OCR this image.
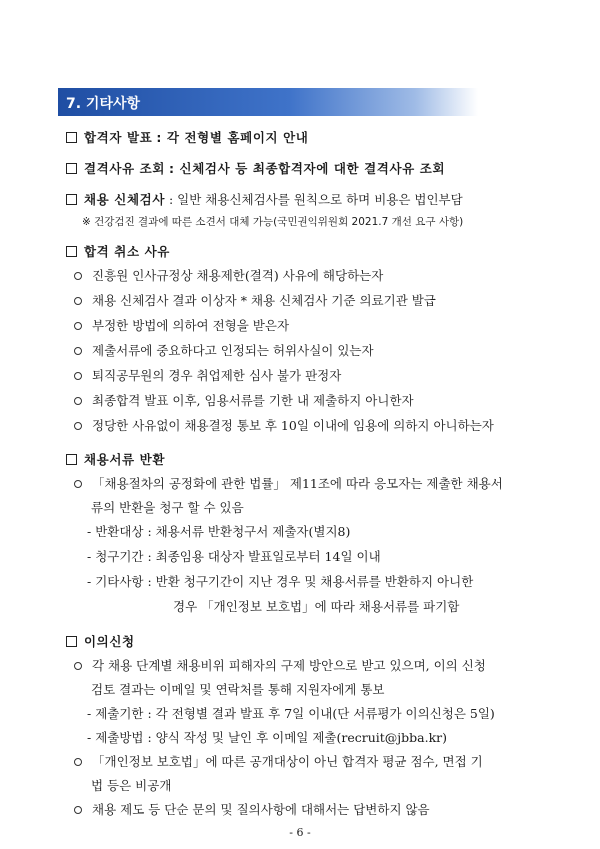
7. 기타사항
합격자 발표 : 각 전형별 홈페이지 안내
결격사유 조회 : 신체검사 등 최종합격자에 대한 결격사유 조회
채용 신체검사 : 일반 채용신체검사를 원칙으로 하며 비용은 법인부담
※ 건강검진 결과에 따른 소견서 대체 가능(국민권익위원회 2021.7 개선 요구 사항)
합격 취소 사유
진흥원 인사규정상 채용제한(결격) 사유에 해당하는자
채용 신체검사 결과 이상자 * 채용 신체검사 기준 의료기관 발급
부정한 방법에 의하여 전형을 받은자
제출서류에 중요하다고 인정되는 허위사실이 있는자
퇴직공무원의 경우 취업제한 심사 불가 판정자
최종합격 발표 이후, 임용서류를 기한 내 제출하지 아니한자
정당한 사유없이 채용결정 통보 후 10일 이내에 임용에 의하지 아니하는자
채용서류 반환
「채용절차의 공정화에 관한 법률」 제11조에 따라 응모자는 제출한 채용서
류의 반환을 청구 할 수 있음
- 반환대상 : 채용서류 반환청구서 제출자(별지8)
- 청구기간 : 최종임용 대상자 발표일로부터 14일 이내
- 기타사항 : 반환 청구기간이 지난 경우 및 채용서류를 반환하지 아니한
경우 「개인정보 보호법」에 따라 채용서류를 파기함
이의신청
각 채용 단계별 채용비위 피해자의 구제 방안으로 받고 있으며, 이의 신청
검토 결과는 이메일 및 연락처를 통해 지원자에게 통보
- 제출기한 : 각 전형별 결과 발표 후 7일 이내(단 서류평가 이의신청은 5일)
- 제출방법 : 양식 작성 및 날인 후 이메일 제출(recruit@jbba.kr)
「개인정보 보호법」에 따른 공개대상이 아닌 합격자 평균 점수, 면접 기
법 등은 비공개
채용 제도 등 단순 문의 및 질의사항에 대해서는 답변하지 않음
- 6 -
